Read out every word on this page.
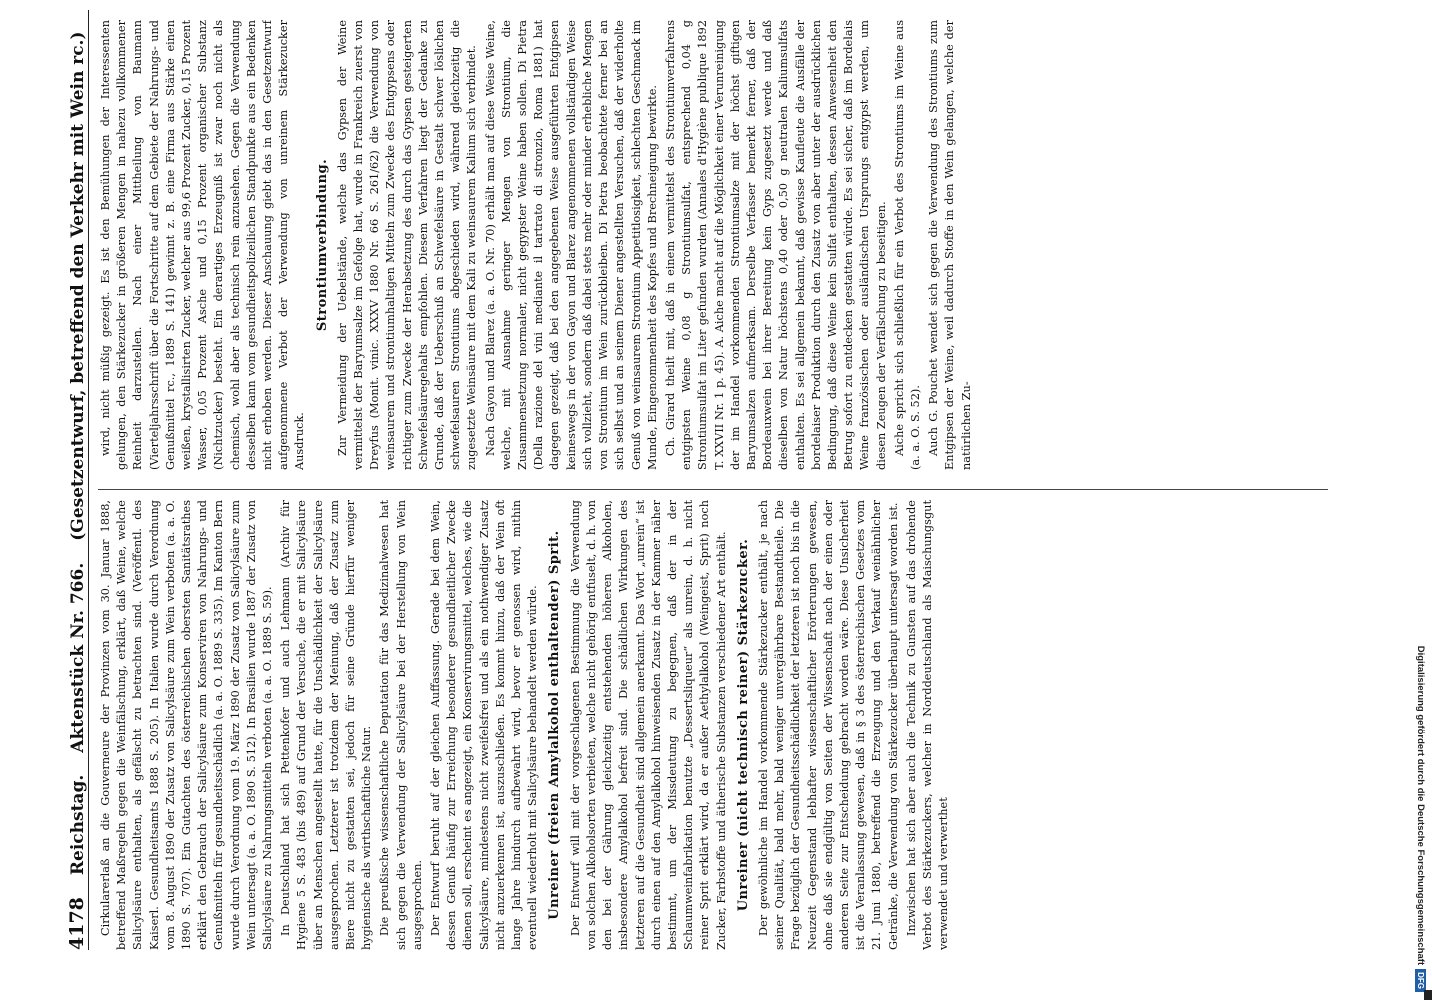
4178
Reichstag.
Aktenstück Nr. 766.
(Gesetzentwurf, betreffend den Verkehr mit Wein rc.)

Cirkularerlaß an die Gouverneure der Provinzen vom 30. Januar 1888, betreffend Maßregeln gegen die Weinfälschung, erklärt, daß Weine, welche Salicylsäure enthalten, als gefälscht zu betrachten sind. (Veröffentl. des Kaiserl. Gesundheitsamts 1888 S. 205). In Italien wurde durch Verordnung vom 8. August 1890 der Zusatz von Salicylsäure zum Wein verboten (a. a. O. 1890 S. 707). Ein Gutachten des österreichischen obersten Sanitätsrathes erklärt den Gebrauch der Salicylsäure zum Konserviren von Nahrungs- und Genußmitteln für gesundheitsschädlich (a. a. O. 1889 S. 335). Im Kanton Bern wurde durch Verordnung vom 19. März 1890 der Zusatz von Salicylsäure zum Wein untersagt (a. a. O. 1890 S. 512). In Brasilien wurde 1887 der Zusatz von Salicylsäure zu Nahrungsmitteln verboten (a. a. O. 1889 S. 59). In Deutschland hat sich Pettenkofer und auch Lehmann (Archiv für Hygiene 5 S. 483 (bis 489) auf Grund der Versuche, die er mit Salicylsäure über an Menschen angestellt hatte, für die Unschädlichkeit der Salicylsäure ausgesprochen. Letzterer ist trotzdem der Meinung, daß der Zusatz zum Biere nicht zu gestatten sei, jedoch für seine Gründe hierfür weniger hygienische als wirthschaftliche Natur. Die preußische wissenschaftliche Deputation für das Medizinalwesen hat sich gegen die Verwendung der Salicylsäure bei der Herstellung von Wein ausgesprochen. Der Entwurf beruht auf der gleichen Auffassung. Gerade bei dem Wein, dessen Genuß häufig zur Erreichung besonderer gesundheitlicher Zwecke dienen soll, erscheint es angezeigt, ein Konservirungsmittel, welches, wie die Salicylsäure, mindestens nicht zweifelsfrei und als ein nothwendiger Zusatz nicht anzuerkennen ist, auszuschließen. Es kommt hinzu, daß der Wein oft lange Jahre hindurch aufbewahrt wird, bevor er genossen wird, mithin eventuell wiederholt mit Salicylsäure behandelt werden würde. Unreiner (freien Amylalkohol enthaltender) Sprit. Der Entwurf will mit der vorgeschlagenen Bestimmung die Verwendung von solchen Alkoholsorten verbieten, welche nicht gehörig entfuselt, d. h. von den bei der Gährung gleichzeitig entstehenden höheren Alkoholen, insbesondere Amylalkohol befreit sind. Die schädlichen Wirkungen des letzteren auf die Gesundheit sind allgemein anerkannt. Das Wort „unrein“ ist durch einen auf den Amylalkohol hinweisenden Zusatz in der Kammer näher bestimmt, um der Missdeutung zu begegnen, daß der in der Schaumweinfabrikation benutzte „Dessertsliqueur“ als unrein, d. h. nicht reiner Sprit erklärt wird, da er außer Aethylalkohol (Weingeist, Sprit) noch Zucker, Farbstoffe und ätherische Substanzen verschiedener Art enthält. Unreiner (nicht technisch reiner) Stärkezucker. Der gewöhnliche im Handel vorkommende Stärkezucker enthält, je nach seiner Qualität, bald mehr, bald weniger unvergährbare Bestandtheile. Die Frage bezüglich der Gesundheitsschädlichkeit der letzteren ist noch bis in die Neuzeit Gegenstand lebhafter wissenschaftlicher Erörterungen gewesen, ohne daß sie endgültig von Seiten der Wissenschaft nach der einen oder anderen Seite zur Entscheidung gebracht worden wäre. Diese Unsicherheit ist die Veranlassung gewesen, daß in § 3 des österreichischen Gesetzes vom 21. Juni 1880, betreffend die Erzeugung und den Verkauf weinähnlicher Getränke, die Verwendung von Stärkezucker überhaupt untersagt worden ist. Inzwischen hat sich aber auch die Technik zu Gunsten auf das drohende Verbot des Stärkezuckers, welcher in Norddeutschland als Maischungsgut verwendet und verwerthet

wird, nicht müßig gezeigt. Es ist den Bemühungen der Interessenten gelungen, den Stärkezucker in größeren Mengen in nahezu vollkommener Reinheit darzustellen. Nach einer Mittheilung von Baumann (Vierteljahrsschrift über die Fortschritte auf dem Gebiete der Nahrungs- und Genußmittel rc., 1889 S. 141) gewinnt z. B. eine Firma aus Stärke einen weißen, krystallisirten Zucker, welcher aus 99,6 Prozent Zucker, 0,15 Prozent Wasser, 0,05 Prozent Asche und 0,15 Prozent organischer Substanz (Nichtzucker) besteht. Ein derartiges Erzeugniß ist zwar noch nicht als chemisch, wohl aber als technisch rein anzusehen. Gegen die Verwendung desselben kann vom gesundheitspolizeilichen Standpunkte aus ein Bedenken nicht erhoben werden. Dieser Anschauung giebt das in den Gesetzentwurf aufgenommene Verbot der Verwendung von unreinem Stärkezucker Ausdruck.

Strontiumverbindung. Zur Vermeidung der Uebelstände, welche das Gypsen der Weine vermittelst der Baryumsalze im Gefolge hat, wurde in Frankreich zuerst von Dreyfus (Monit. vinic. XXXV 1880 Nr. 66 S. 261/62) die Verwendung von weinsaurem und strontiumhaltigen Mitteln zum Zwecke des Entgypsens oder richtiger zum Zwecke der Herabsetzung des durch das Gypsen gesteigerten Schwefelsäuregehalts empfohlen. Diesem Verfahren liegt der Gedanke zu Grunde, daß der Ueberschuß an Schwefelsäure in Gestalt schwer löslichen schwefelsauren Strontiums abgeschieden wird, während gleichzeitig die zugesetzte Weinsäure mit dem Kali zu weinsaurem Kalium sich verbindet. Nach Gayon und Blarez (a. a. O. Nr. 70) erhält man auf diese Weise Weine, welche, mit Ausnahme geringer Mengen von Strontium, die Zusammensetzung normaler, nicht gegypster Weine haben sollen. Di Pietra (Della razione del vini mediante il tartrato di stronzio, Roma 1881) hat dagegen gezeigt, daß bei den angegebenen Weise ausgeführten Entgipsen keineswegs in der von Gayon und Blarez angenommenen vollständigen Weise sich vollzieht, sondern daß dabei stets mehr oder minder erhebliche Mengen von Strontium im Wein zurückbleiben. Di Pietra beobachtete ferner bei an sich selbst und an seinem Diener angestellten Versuchen, daß der widerholte Genuß von weinsaurem Strontium Appetitlosigkeit, schlechten Geschmack im Munde, Eingenommenheit des Kopfes und Brechneigung bewirkte. Ch. Girard theilt mit, daß in einem vermittelst des Strontiumverfahrens entgipsten Weine 0,08 g Strontiumsulfat, entsprechend 0,04 g Strontiumsulfat im Liter gefunden wurden (Annales d'Hygiène publique 1892 T. XXVII Nr. 1 p. 45). A. Aiche macht auf die Möglichkeit einer Verunreinigung der im Handel vorkommenden Strontiumsalze mit der höchst giftigen Baryumsalzen aufmerksam. Derselbe Verfasser bemerkt ferner, daß der Bordeauxwein bei ihrer Bereitung kein Gyps zugesetzt werde und daß dieselben von Natur höchstens 0,40 oder 0,50 g neutralen Kaliumsulfats enthalten. Es sei allgemein bekannt, daß gewisse Kaufleute die Ausfälle der bordelaiser Produktion durch den Zusatz von aber unter der ausdrücklichen Bedingung, daß diese Weine kein Sulfat enthalten, dessen Anwesenheit den Betrug sofort zu entdecken gestatten würde. Es sei sicher, daß im Bordelais Weine französischen oder ausländischen Ursprungs entgypst werden, um diesen Zeugen der Verfälschung zu beseitigen. Aiche spricht sich schließlich für ein Verbot des Strontiums im Weine aus (a. a. O. S. 52). Auch G. Pouchet wendet sich gegen die Verwendung des Strontiums zum Entgipsen der Weine, weil dadurch Stoffe in den Wein gelangen, welche der natürlichen Zu-

Digitalisierung gefördert durch die Deutsche Forschungsgemeinschaft
DFG
